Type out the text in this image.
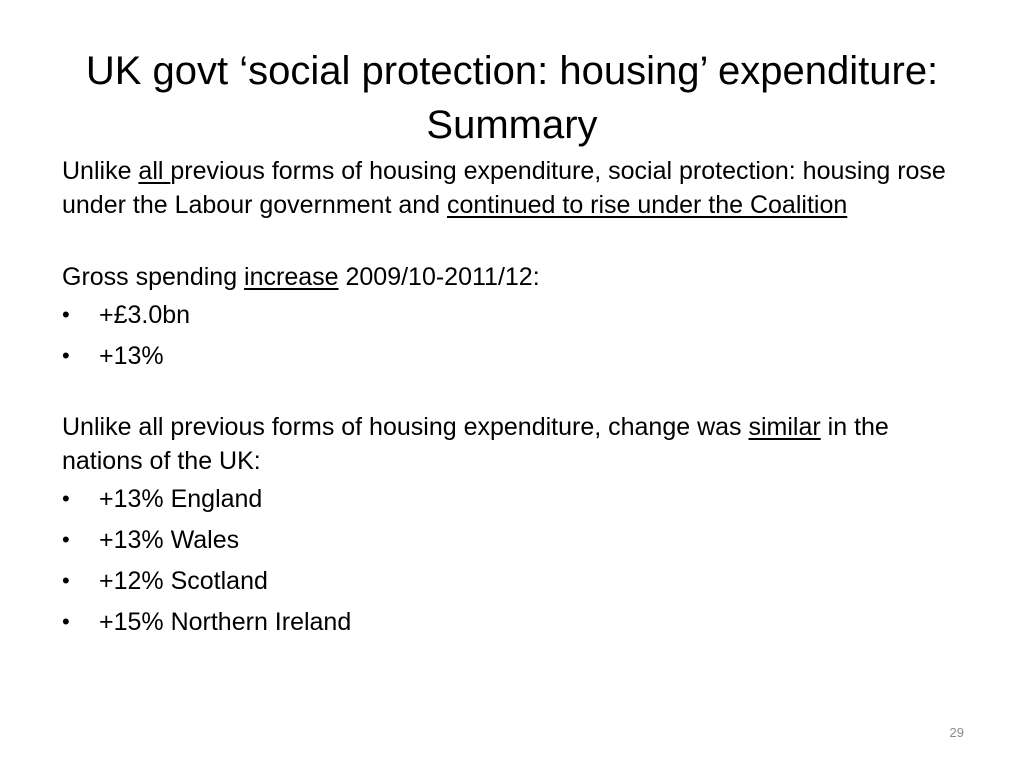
UK govt ‘social protection: housing’ expenditure:
Summary

Unlike all previous forms of housing expenditure, social protection: housing rose under the Labour government and continued to rise under the Coalition

Gross spending increase 2009/10-2011/12:

•	+£3.0bn
•	+13%

Unlike all previous forms of housing expenditure, change was similar in the nations of the UK:

•	+13% England
•	+13% Wales
•	+12% Scotland
•	+15% Northern Ireland
29
